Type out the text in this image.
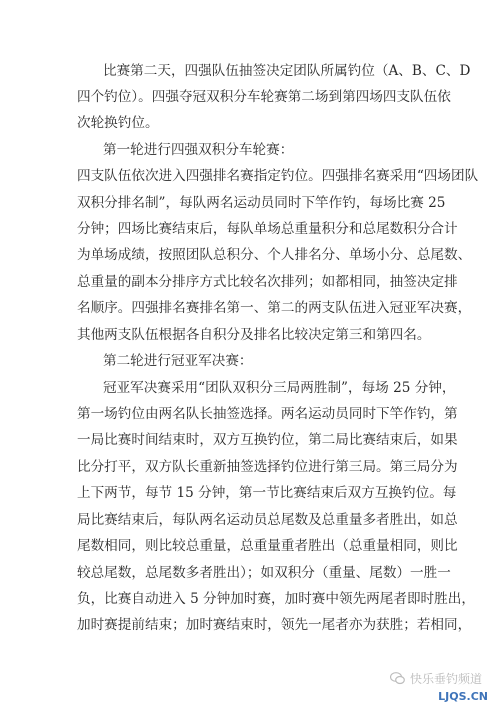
比赛第二天，四强队伍抽签决定团队所属钓位（A、B、C、D
四个钓位）。四强夺冠双积分车轮赛第二场到第四场四支队伍依
次轮换钓位。
第一轮进行四强双积分车轮赛：
四支队伍依次进入四强排名赛指定钓位。四强排名赛采用“四场团队
双积分排名制”，每队两名运动员同时下竿作钓，每场比赛 25
分钟；四场比赛结束后，每队单场总重量积分和总尾数积分合计
为单场成绩，按照团队总积分、个人排名分、单场小分、总尾数、
总重量的副本分排序方式比较名次排列；如都相同，抽签决定排
名顺序。四强排名赛排名第一、第二的两支队伍进入冠亚军决赛，
其他两支队伍根据各自积分及排名比较决定第三和第四名。
第二轮进行冠亚军决赛：
冠亚军决赛采用“团队双积分三局两胜制”，每场 25 分钟，
第一场钓位由两名队长抽签选择。两名运动员同时下竿作钓，第
一局比赛时间结束时，双方互换钓位，第二局比赛结束后，如果
比分打平，双方队长重新抽签选择钓位进行第三局。第三局分为
上下两节，每节 15 分钟，第一节比赛结束后双方互换钓位。每
局比赛结束后，每队两名运动员总尾数及总重量多者胜出，如总
尾数相同，则比较总重量，总重量重者胜出（总重量相同，则比
较总尾数，总尾数多者胜出）；如双积分（重量、尾数）一胜一
负，比赛自动进入 5 分钟加时赛，加时赛中领先两尾者即时胜出，
加时赛提前结束；加时赛结束时，领先一尾者亦为获胜；若相同，
快乐垂钓频道
LJQS.CN
